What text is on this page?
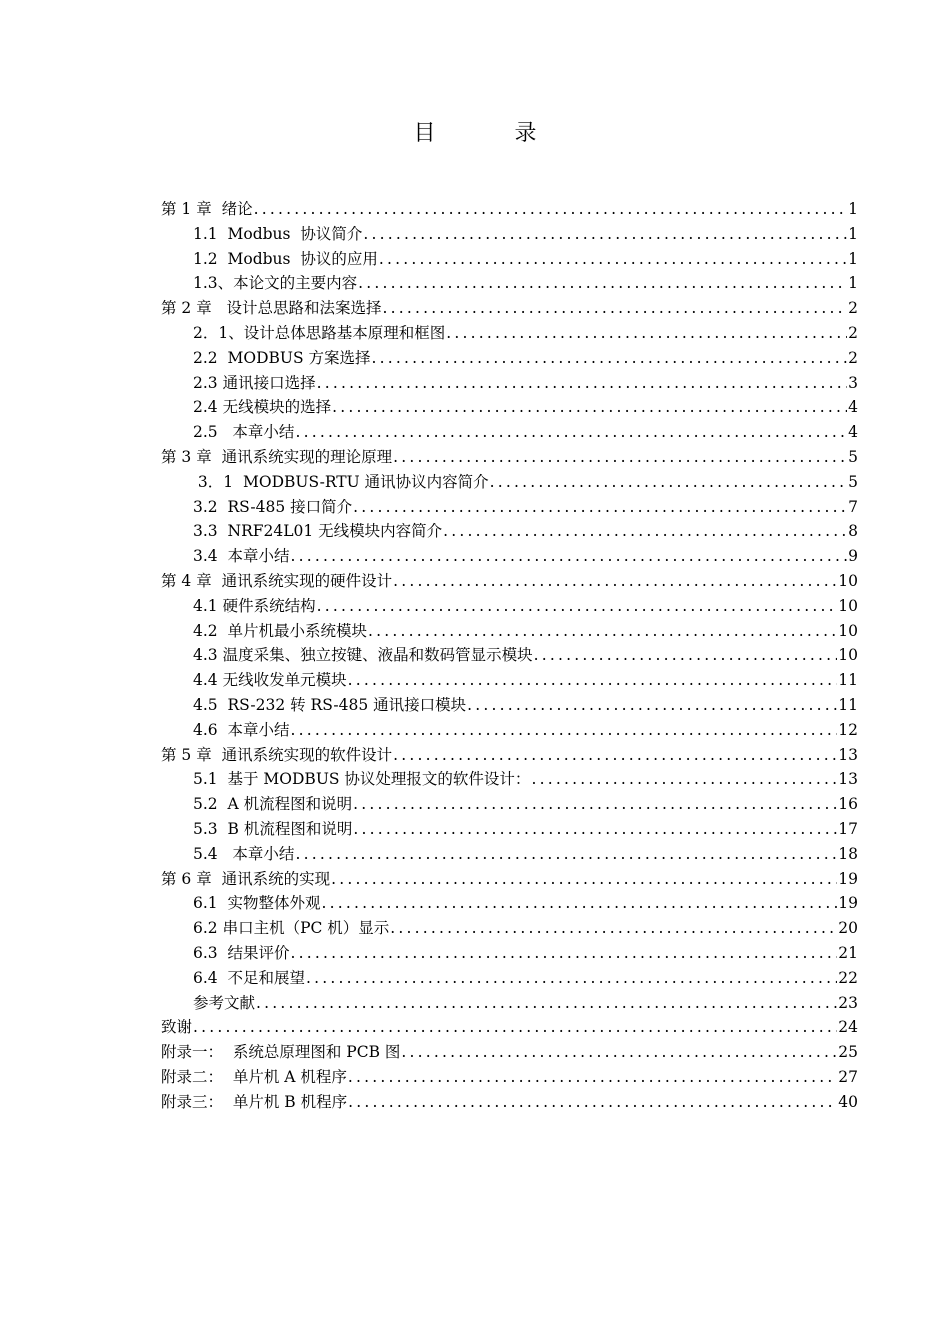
目 录
第 1 章  绪论 .....	1
1.1  Modbus  协议简介 .....	1
1.2  Modbus  协议的应用 .....	1
1.3、本论文的主要内容 .....	1
第 2 章   设计总思路和法案选择 .....	2
2．1、设计总体思路基本原理和框图 .....	2
2.2  MODBUS 方案选择 .....	2
2.3 通讯接口选择 .....	3
2.4 无线模块的选择 .....	4
2.5   本章小结 .....	4
第 3 章  通讯系统实现的理论原理 .....	5
3．1  MODBUS-RTU 通讯协议内容简介 .....	5
3.2  RS-485 接口简介 .....	7
3.3  NRF24L01 无线模块内容简介 .....	8
3.4  本章小结 .....	9
第 4 章  通讯系统实现的硬件设计 .....	10
4.1 硬件系统结构 .....	10
4.2  单片机最小系统模块 .....	10
4.3 温度采集、独立按键、液晶和数码管显示模块 .....	10
4.4 无线收发单元模块 .....	11
4.5  RS-232 转 RS-485 通讯接口模块 .....	11
4.6  本章小结 .....	12
第 5 章  通讯系统实现的软件设计 .....	13
5.1  基于 MODBUS 协议处理报文的软件设计： .....	13
5.2  A 机流程图和说明 .....	16
5.3  B 机流程图和说明 .....	17
5.4   本章小结 .....	18
第 6 章  通讯系统的实现 .....	19
6.1  实物整体外观 .....	19
6.2 串口主机（PC 机）显示 .....	20
6.3  结果评价 .....	21
6.4  不足和展望 .....	22
参考文献 .....	23
致谢 .....	24
附录一：  系统总原理图和 PCB 图 .....	25
附录二：  单片机 A 机程序 .....	27
附录三：  单片机 B 机程序 .....	40
